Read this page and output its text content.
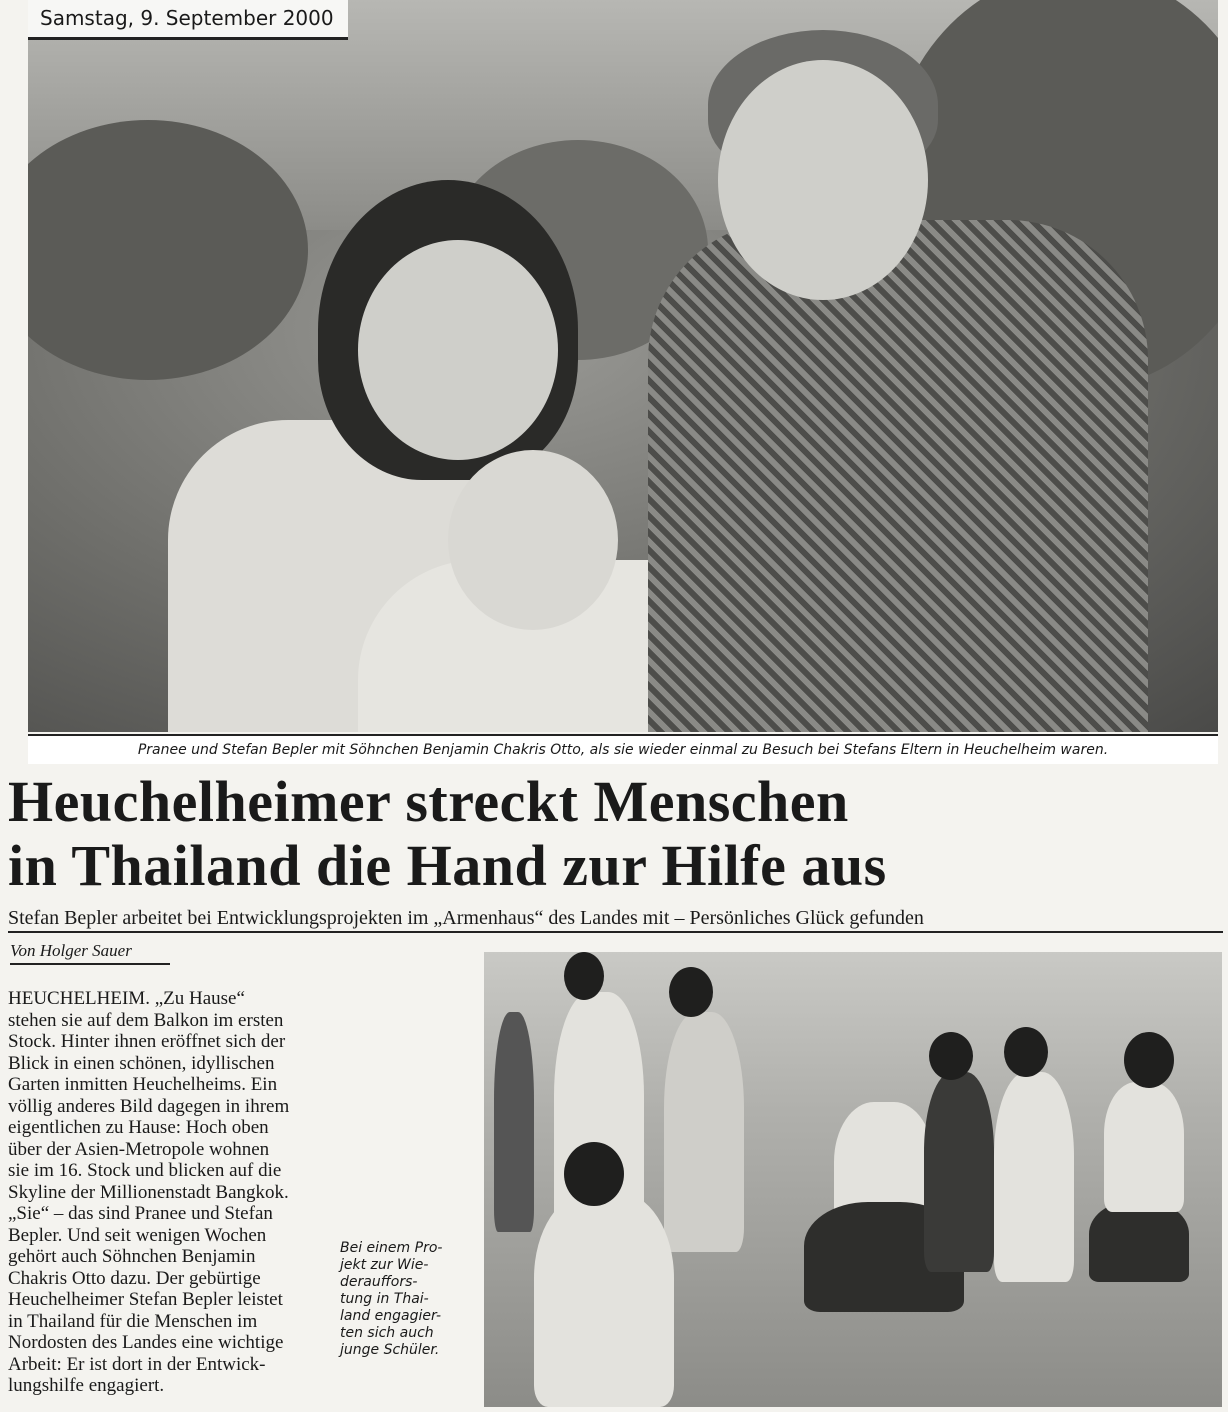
Samstag, 9. September 2000
Pranee und Stefan Bepler mit Söhnchen Benjamin Chakris Otto, als sie wieder einmal zu Besuch bei Stefans Eltern in Heuchelheim waren.
Heuchelheimer streckt Menschen
in Thailand die Hand zur Hilfe aus
Stefan Bepler arbeitet bei Entwicklungsprojekten im „Armenhaus“ des Landes mit – Persönliches Glück gefunden
Von Holger Sauer
HEUCHELHEIM. „Zu Hause“
stehen sie auf dem Balkon im ersten
Stock. Hinter ihnen eröffnet sich der
Blick in einen schönen, idyllischen
Garten inmitten Heuchelheims. Ein
völlig anderes Bild dagegen in ihrem
eigentlichen zu Hause: Hoch oben
über der Asien-Metropole wohnen
sie im 16. Stock und blicken auf die
Skyline der Millionenstadt Bangkok.
„Sie“ – das sind Pranee und Stefan
Bepler. Und seit wenigen Wochen
gehört auch Söhnchen Benjamin
Chakris Otto dazu. Der gebürtige
Heuchelheimer Stefan Bepler leistet
in Thailand für die Menschen im
Nordosten des Landes eine wichtige
Arbeit: Er ist dort in der Entwick-
lungshilfe engagiert.
Bei einem Pro-
jekt zur Wie-
derauffors-
tung in Thai-
land engagier-
ten sich auch
junge Schüler.
